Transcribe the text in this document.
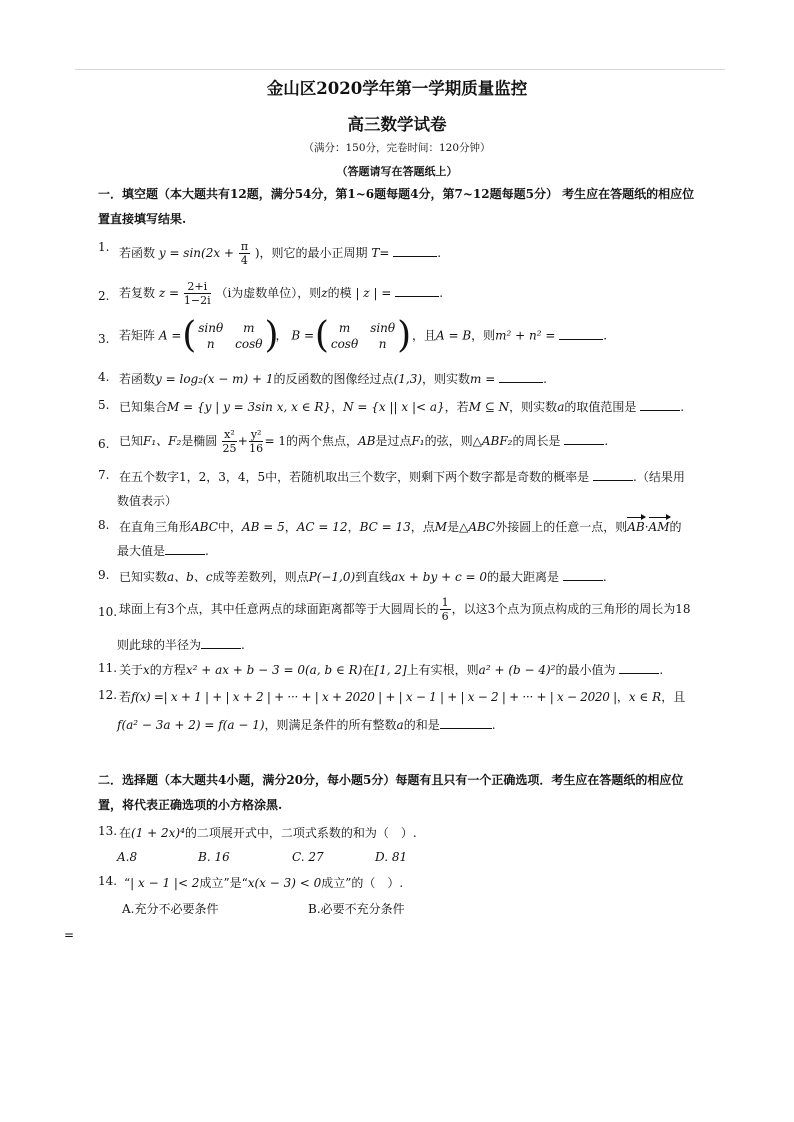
金山区2020学年第一学期质量监控
高三数学试卷
（满分：150分，完卷时间：120分钟）
（答题请写在答题纸上）
一．填空题（本大题共有12题，满分54分，第1~6题每题4分，第7~12题每题5分） 考生应在答题纸的相应位
置直接填写结果.
1. 若函数 $y = \sin(2x + \frac{\pi}{4}$ )，则它的最小正周期 T=	.
2. 若复数 $z = \frac{2+i}{1-2i} (i$为虚数单位），则z的模 | z | =	.
3. 若矩阵 A = ( sinθ	m
n	cosθ )
， B = ( m	sinθ
cosθ	n ) ，且A = B，则m² + n² =	.
4. 若函数y = log₂(x − m) + 1的反函数的图像经过点(1,3)，则实数m =	.
5. 已知集合M = {y | y = 3sin x, x ∈ R}，N = {x || x |< a}，若M ⊆ N，则实数a的取值范围是	.
6. 已知F₁、F₂是椭圆 $\frac{\text{x²}}{25} + \frac{\text{y²}}{16} = 1$的两个焦点，AB是过点F₁的弦，则△ABF₂的周长是	.
7. 在五个数字1，2，3，4，5中，若随机取出三个数字，则剩下两个数字都是奇数的概率是	.（结果用
数值表示）
8. 在直角三角形ABC中，AB = 5，AC = 12，BC = 13，点M是△ABC外接圆上的任意一点，则AB·AM的
最大值是	.
9. 已知实数a、b、c成等差数列，则点P(−1,0)到直线ax + by + c = 0的最大距离是	.
10. 球面上有3个点，其中任意两点的球面距离都等于大圆周长的 $\frac{1}{6}$ ，以这3个点为顶点构成的三角形的周长为18
则此球的半径为	.
11. 关于x的方程x² + ax + b − 3 = 0(a, b ∈ R)在[1, 2]上有实根，则a² + (b − 4)²的最小值为	.
12. 若f(x) =| x + 1 | + | x + 2 | + ··· + | x + 2020 | + | x − 1 | + | x − 2 | + ··· + | x − 2020 |，x ∈ R，且
f(a² − 3a + 2) = f(a − 1)，则满足条件的所有整数a的和是	.
二．选择题（本大题共4小题，满分20分，每小题5分）每题有且只有一个正确选项．考生应在答题纸的相应位
置，将代表正确选项的小方格涂黑.
13. 在(1 + 2x)⁴的二项展开式中，二项式系数的和为（　）.
A.8	B. 16	C. 27	D. 81
14. “| x − 1 |< 2成立”是“x(x − 3) < 0成立”的（　）.
A.充分不必要条件	B.必要不充分条件
=
